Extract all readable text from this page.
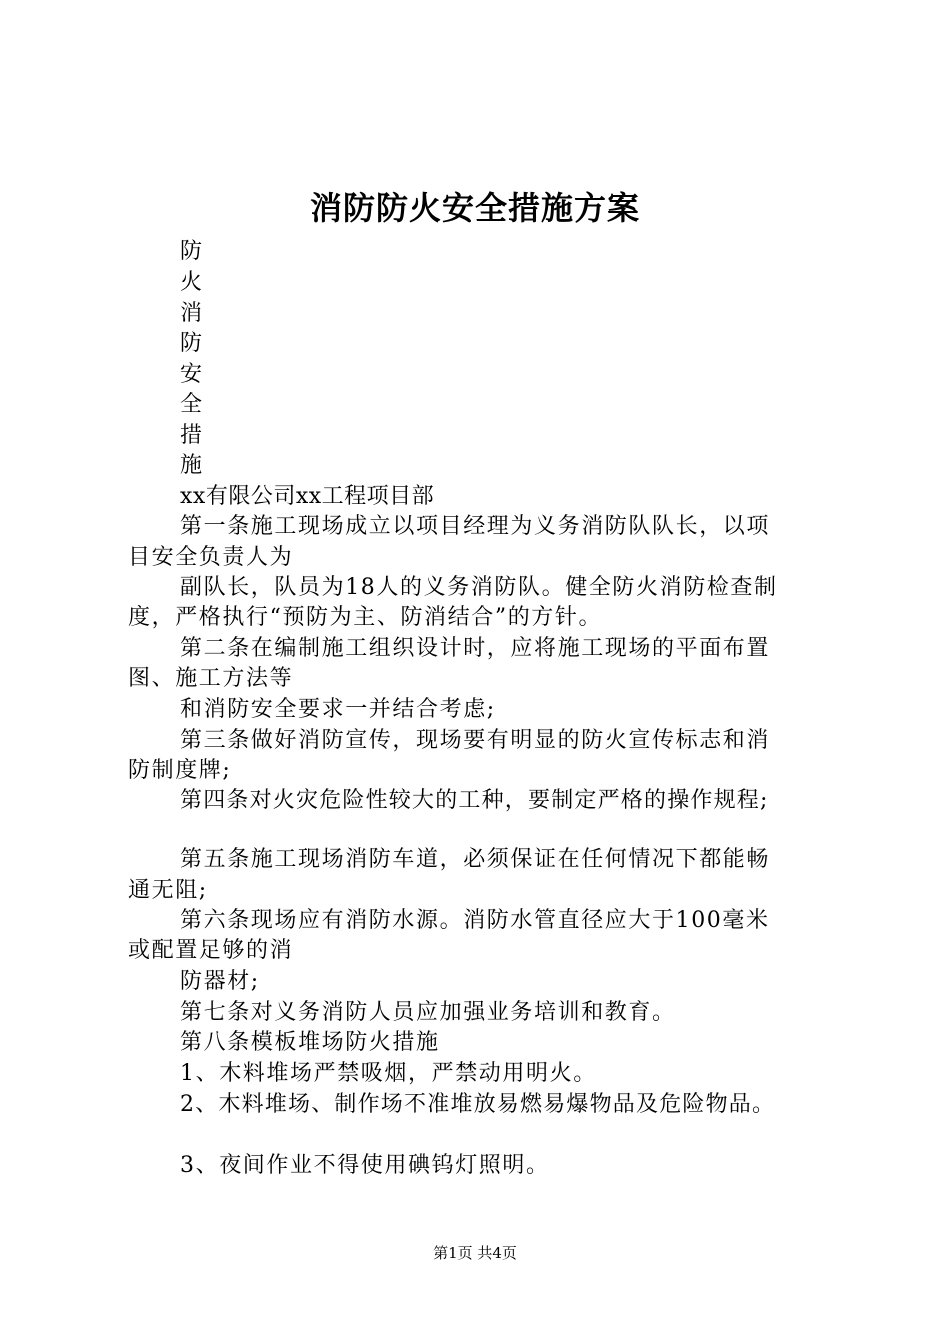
消防防火安全措施方案
防
火
消
防
安
全
措
施
xx有限公司xx工程项目部
第一条施工现场成立以项目经理为义务消防队队长，以项
目安全负责人为
副队长，队员为18人的义务消防队。健全防火消防检查制
度，严格执行“预防为主、防消结合”的方针。
第二条在编制施工组织设计时，应将施工现场的平面布置
图、施工方法等
和消防安全要求一并结合考虑;
第三条做好消防宣传，现场要有明显的防火宣传标志和消
防制度牌;
第四条对火灾危险性较大的工种，要制定严格的操作规程;
第五条施工现场消防车道，必须保证在任何情况下都能畅
通无阻;
第六条现场应有消防水源。消防水管直径应大于100毫米
或配置足够的消
防器材;
第七条对义务消防人员应加强业务培训和教育。
第八条模板堆场防火措施
1、木料堆场严禁吸烟，严禁动用明火。
2、木料堆场、制作场不准堆放易燃易爆物品及危险物品。
3、夜间作业不得使用碘钨灯照明。
第1页 共4页
